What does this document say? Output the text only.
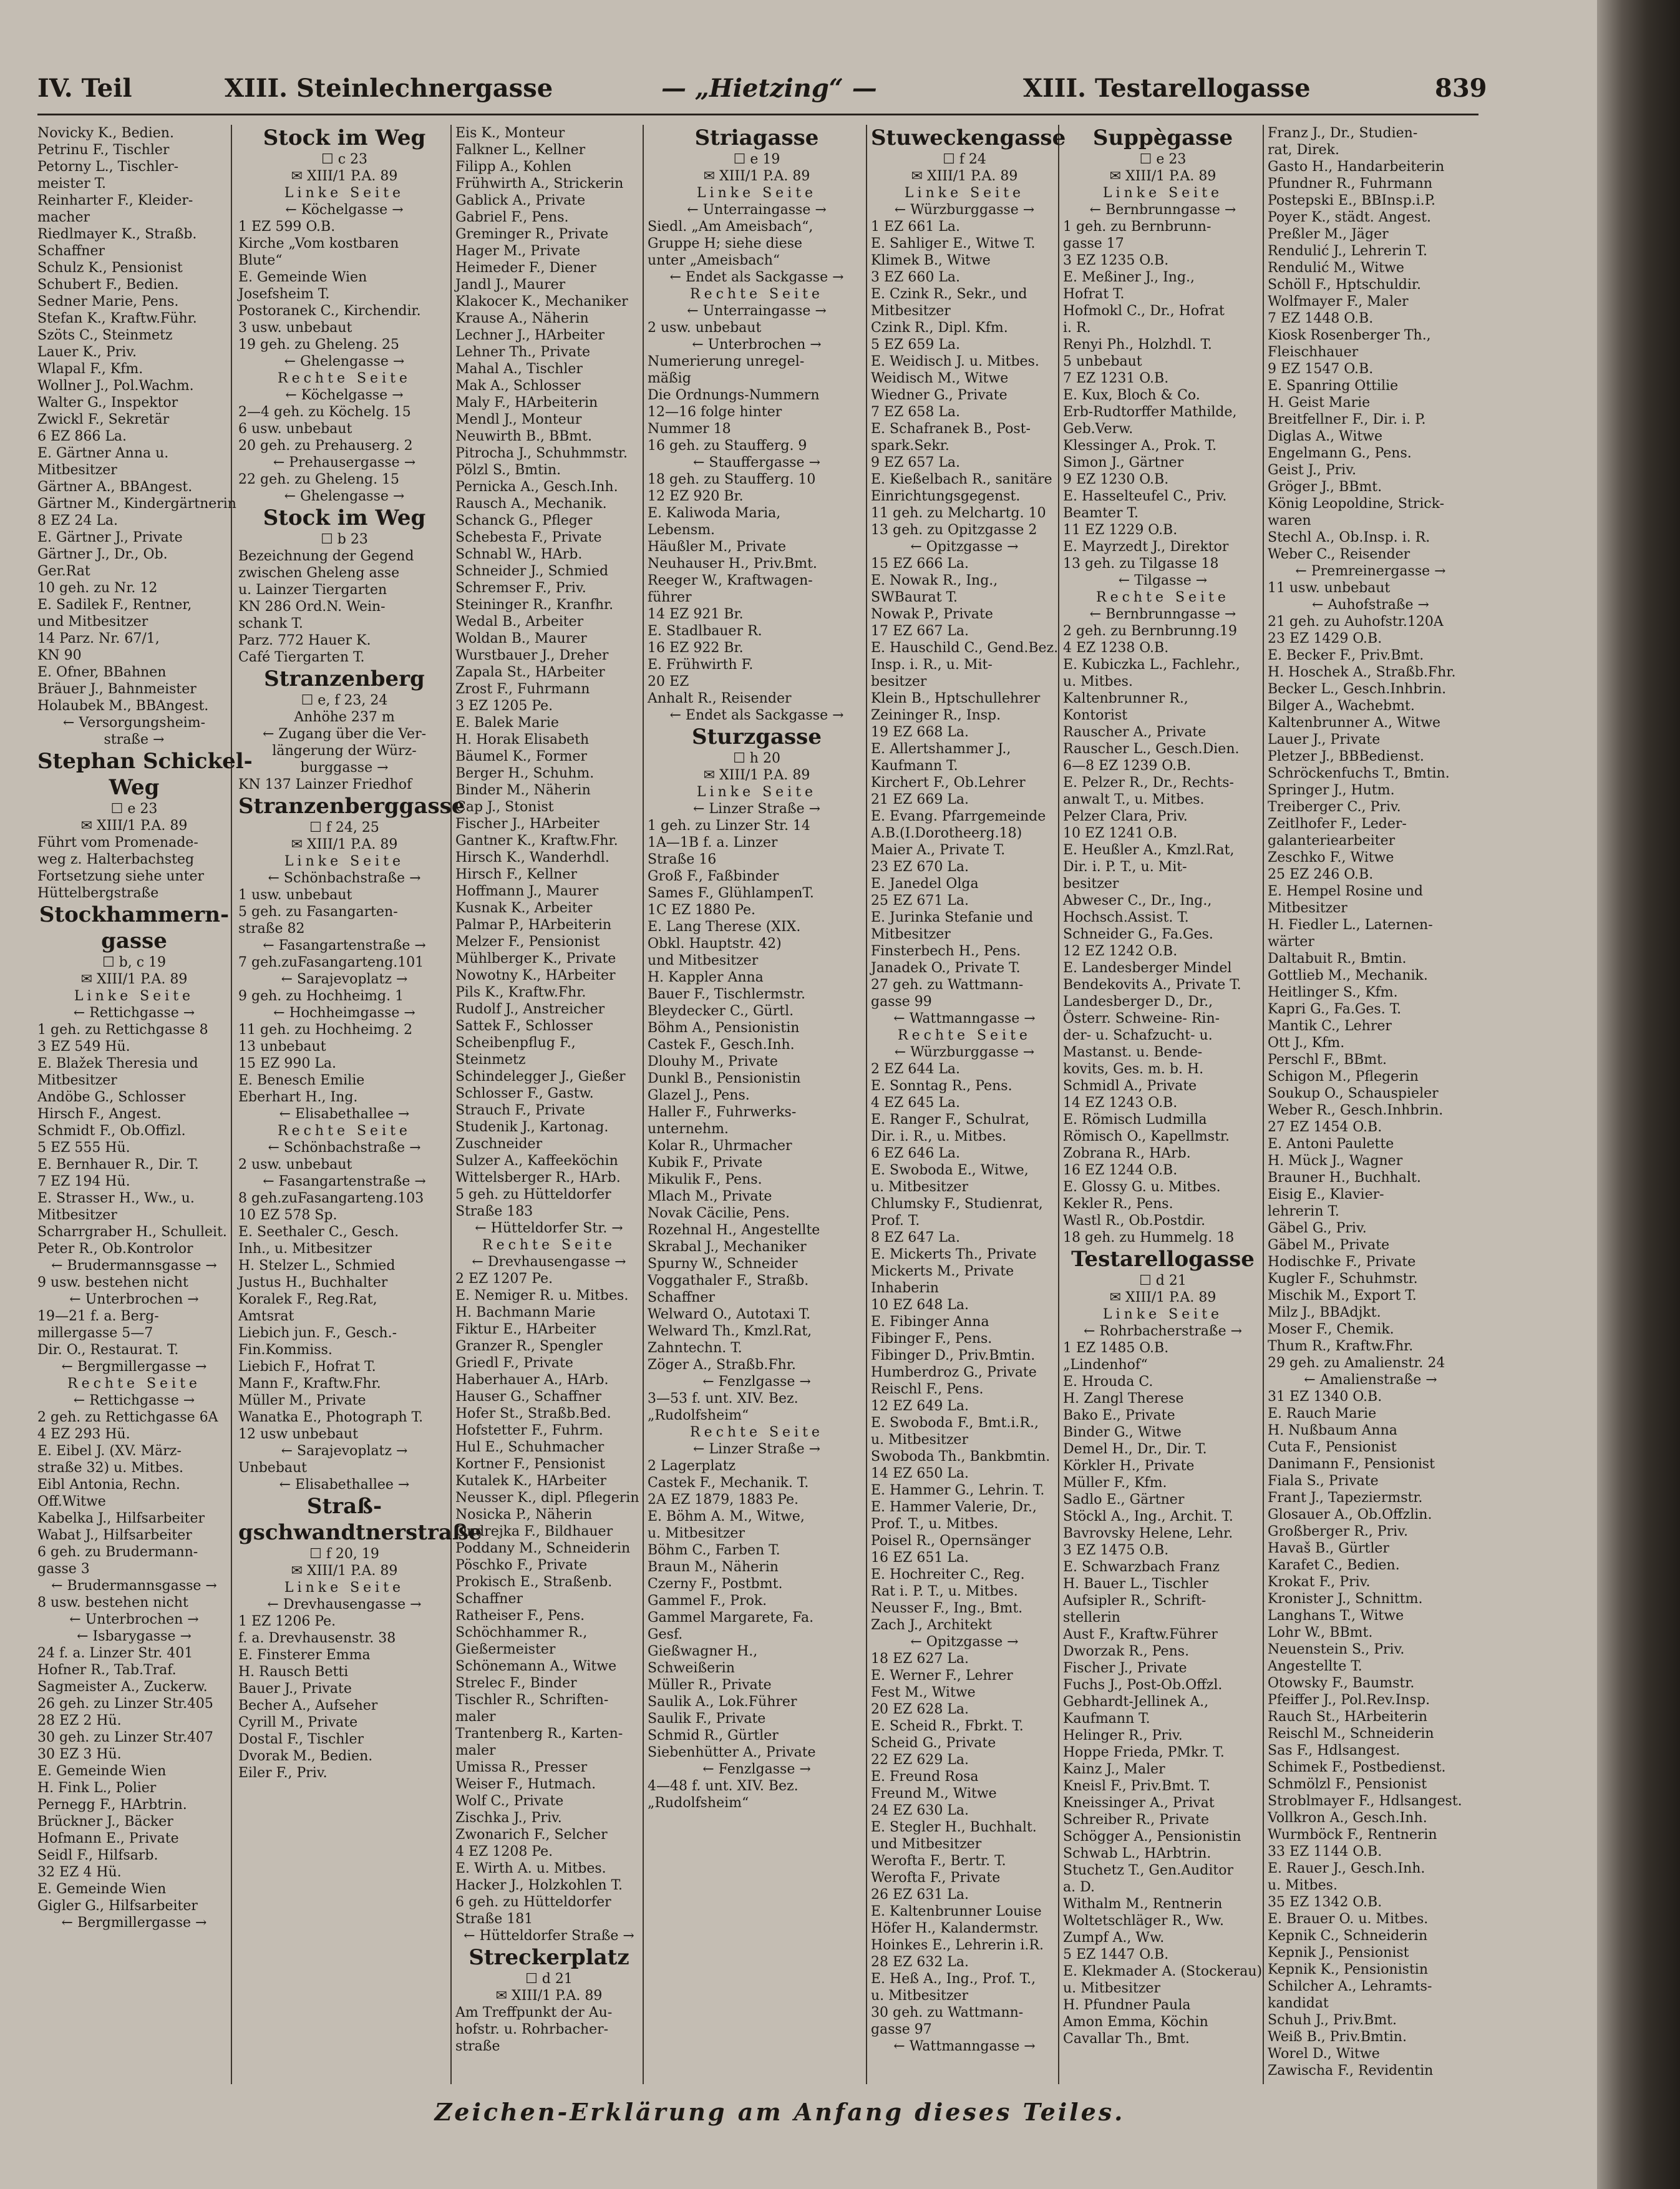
IV. Teil	XIII. Steinlechnergasse	— „Hietzing“ —	XIII. Testarellogasse	839
Novicky K., Bedien.
Petrinu F., Tischler
Petorny L., Tischler-
meister T.
Reinharter F., Kleider-
macher
Riedlmayer K., Straßb.
Schaffner
Schulz K., Pensionist
Schubert F., Bedien.
Sedner Marie, Pens.
Stefan K., Kraftw.Führ.
Szöts C., Steinmetz
Lauer K., Priv.
Wlapal F., Kfm.
Wollner J., Pol.Wachm.
Walter G., Inspektor
Zwickl F., Sekretär
6 EZ 866 La.
E. Gärtner Anna u.
Mitbesitzer
Gärtner A., BBAngest.
Gärtner M., Kindergärtnerin
8 EZ 24 La.
E. Gärtner J., Private
Gärtner J., Dr., Ob.
Ger.Rat
10 geh. zu Nr. 12
E. Sadilek F., Rentner,
und Mitbesitzer
14 Parz. Nr. 67/1,
KN 90
E. Ofner, BBahnen
Bräuer J., Bahnmeister
Holaubek M., BBAngest.
← Versorgungsheim-
straße →
Stephan Schickel-
Weg
☐ e 23
✉ XIII/1 P.A. 89
Führt vom Promenade-
weg z. Halterbachsteg
Fortsetzung siehe unter
Hüttelbergstraße
Stockhammern-
gasse
☐ b, c 19
✉ XIII/1 P.A. 89
Linke Seite
← Rettichgasse →
1 geh. zu Rettichgasse 8
3 EZ 549 Hü.
E. Blažek Theresia und
Mitbesitzer
Andöbe G., Schlosser
Hirsch F., Angest.
Schmidt F., Ob.Offizl.
5 EZ 555 Hü.
E. Bernhauer R., Dir. T.
7 EZ 194 Hü.
E. Strasser H., Ww., u.
Mitbesitzer
Scharrgraber H., Schulleit.
Peter R., Ob.Kontrolor
← Brudermannsgasse →
9 usw. bestehen nicht
← Unterbrochen →
19—21 f. a. Berg-
millergasse 5—7
Dir. O., Restaurat. T.
← Bergmillergasse →
Rechte Seite
← Rettichgasse →
2 geh. zu Rettichgasse 6A
4 EZ 293 Hü.
E. Eibel J. (XV. März-
straße 32) u. Mitbes.
Eibl Antonia, Rechn.
Off.Witwe
Kabelka J., Hilfsarbeiter
Wabat J., Hilfsarbeiter
6 geh. zu Brudermann-
gasse 3
← Brudermannsgasse →
8 usw. bestehen nicht
← Unterbrochen →
← Isbarygasse →
24 f. a. Linzer Str. 401
Hofner R., Tab.Traf.
Sagmeister A., Zuckerw.
26 geh. zu Linzer Str.405
28 EZ 2 Hü.
30 geh. zu Linzer Str.407
30 EZ 3 Hü.
E. Gemeinde Wien
H. Fink L., Polier
Pernegg F., HArbtrin.
Brückner J., Bäcker
Hofmann E., Private
Seidl F., Hilfsarb.
32 EZ 4 Hü.
E. Gemeinde Wien
Gigler G., Hilfsarbeiter
← Bergmillergasse →
Stock im Weg
☐ c 23
✉ XIII/1 P.A. 89
Linke Seite
← Köchelgasse →
1 EZ 599 O.B.
Kirche „Vom kostbaren
Blute“
E. Gemeinde Wien
Josefsheim T.
Postoranek C., Kirchendir.
3 usw. unbebaut
19 geh. zu Gheleng. 25
← Ghelengasse →
Rechte Seite
← Köchelgasse →
2—4 geh. zu Köchelg. 15
6 usw. unbebaut
20 geh. zu Prehauserg. 2
← Prehausergasse →
22 geh. zu Gheleng. 15
← Ghelengasse →
Stock im Weg
☐ b 23
Bezeichnung der Gegend
zwischen Gheleng asse
u. Lainzer Tiergarten
KN 286 Ord.N. Wein-
schank T.
Parz. 772 Hauer K.
Café Tiergarten T.
Stranzenberg
☐ e, f 23, 24
Anhöhe 237 m
← Zugang über die Ver-
längerung der Würz-
burggasse →
KN 137 Lainzer Friedhof
Stranzenberggasse
☐ f 24, 25
✉ XIII/1 P.A. 89
Linke Seite
← Schönbachstraße →
1 usw. unbebaut
5 geh. zu Fasangarten-
straße 82
← Fasangartenstraße →
7 geh.zuFasangarteng.101
← Sarajevoplatz →
9 geh. zu Hochheimg. 1
← Hochheimgasse →
11 geh. zu Hochheimg. 2
13 unbebaut
15 EZ 990 La.
E. Benesch Emilie
Eberhart H., Ing.
← Elisabethallee →
Rechte Seite
← Schönbachstraße →
2 usw. unbebaut
← Fasangartenstraße →
8 geh.zuFasangarteng.103
10 EZ 578 Sp.
E. Seethaler C., Gesch.
Inh., u. Mitbesitzer
H. Stelzer L., Schmied
Justus H., Buchhalter
Koralek F., Reg.Rat,
Amtsrat
Liebich jun. F., Gesch.-
Fin.Kommiss.
Liebich F., Hofrat T.
Mann F., Kraftw.Fhr.
Müller M., Private
Wanatka E., Photograph T.
12 usw unbebaut
← Sarajevoplatz →
Unbebaut
← Elisabethallee →
Straß-
gschwandtnerstraße
☐ f 20, 19
✉ XIII/1 P.A. 89
Linke Seite
← Drevhausengasse →
1 EZ 1206 Pe.
f. a. Drevhausenstr. 38
E. Finsterer Emma
H. Rausch Betti
Bauer J., Private
Becher A., Aufseher
Cyrill M., Private
Dostal F., Tischler
Dvorak M., Bedien.
Eiler F., Priv.
Eis K., Monteur
Falkner L., Kellner
Filipp A., Kohlen
Frühwirth A., Strickerin
Gablick A., Private
Gabriel F., Pens.
Greminger R., Private
Hager M., Private
Heimeder F., Diener
Jandl J., Maurer
Klakocer K., Mechaniker
Krause A., Näherin
Lechner J., HArbeiter
Lehner Th., Private
Mahal A., Tischler
Mak A., Schlosser
Maly F., HArbeiterin
Mendl J., Monteur
Neuwirth B., BBmt.
Pitrocha J., Schuhmmstr.
Pölzl S., Bmtin.
Pernicka A., Gesch.Inh.
Rausch A., Mechanik.
Schanck G., Pfleger
Schebesta F., Private
Schnabl W., HArb.
Schneider J., Schmied
Schremser F., Priv.
Steininger R., Kranfhr.
Wedal B., Arbeiter
Woldan B., Maurer
Wurstbauer J., Dreher
Zapala St., HArbeiter
Zrost F., Fuhrmann
3 EZ 1205 Pe.
E. Balek Marie
H. Horak Elisabeth
Bäumel K., Former
Berger H., Schuhm.
Binder M., Näherin
Cap J., Stonist
Fischer J., HArbeiter
Gantner K., Kraftw.Fhr.
Hirsch K., Wanderhdl.
Hirsch F., Kellner
Hoffmann J., Maurer
Kusnak K., Arbeiter
Palmar P., HArbeiterin
Melzer F., Pensionist
Mühlberger K., Private
Nowotny K., HArbeiter
Pils K., Kraftw.Fhr.
Rudolf J., Anstreicher
Sattek F., Schlosser
Scheibenpflug F.,
Steinmetz
Schindelegger J., Gießer
Schlosser F., Gastw.
Strauch F., Private
Studenik J., Kartonag.
Zuschneider
Sulzer A., Kaffeeköchin
Wittelsberger R., HArb.
5 geh. zu Hütteldorfer
Straße 183
← Hütteldorfer Str. →
Rechte Seite
← Drevhausengasse →
2 EZ 1207 Pe.
E. Nemiger R. u. Mitbes.
H. Bachmann Marie
Fiktur E., HArbeiter
Granzer R., Spengler
Griedl F., Private
Haberhauer A., HArb.
Hauser G., Schaffner
Hofer St., Straßb.Bed.
Hofstetter F., Fuhrm.
Hul E., Schuhmacher
Kortner F., Pensionist
Kutalek K., HArbeiter
Neusser K., dipl. Pflegerin
Nosicka P., Näherin
Ondrejka F., Bildhauer
Poddany M., Schneiderin
Pöschko F., Private
Prokisch E., Straßenb.
Schaffner
Ratheiser F., Pens.
Schöchhammer R.,
Gießermeister
Schönemann A., Witwe
Strelec F., Binder
Tischler R., Schriften-
maler
Trantenberg R., Karten-
maler
Umissa R., Presser
Weiser F., Hutmach.
Wolf C., Private
Zischka J., Priv.
Zwonarich F., Selcher
4 EZ 1208 Pe.
E. Wirth A. u. Mitbes.
Hacker J., Holzkohlen T.
6 geh. zu Hütteldorfer
Straße 181
← Hütteldorfer Straße →
Streckerplatz
☐ d 21
✉ XIII/1 P.A. 89
Am Treffpunkt der Au-
hofstr. u. Rohrbacher-
straße
Striagasse
☐ e 19
✉ XIII/1 P.A. 89
Linke Seite
← Unterraingasse →
Siedl. „Am Ameisbach“,
Gruppe H; siehe diese
unter „Ameisbach“
← Endet als Sackgasse →
Rechte Seite
← Unterraingasse →
2 usw. unbebaut
← Unterbrochen →
Numerierung unregel-
mäßig
Die Ordnungs-Nummern
12—16 folge hinter
Nummer 18
16 geh. zu Staufferg. 9
← Stauffergasse →
18 geh. zu Staufferg. 10
12 EZ 920 Br.
E. Kaliwoda Maria,
Lebensm.
Häußler M., Private
Neuhauser H., Priv.Bmt.
Reeger W., Kraftwagen-
führer
14 EZ 921 Br.
E. Stadlbauer R.
16 EZ 922 Br.
E. Frühwirth F.
20 EZ
Anhalt R., Reisender
← Endet als Sackgasse →
Sturzgasse
☐ h 20
✉ XIII/1 P.A. 89
Linke Seite
← Linzer Straße →
1 geh. zu Linzer Str. 14
1A—1B f. a. Linzer
Straße 16
Groß F., Faßbinder
Sames F., GlühlampenT.
1C EZ 1880 Pe.
E. Lang Therese (XIX.
Obkl. Hauptstr. 42)
und Mitbesitzer
H. Kappler Anna
Bauer F., Tischlermstr.
Bleydecker C., Gürtl.
Böhm A., Pensionistin
Castek F., Gesch.Inh.
Dlouhy M., Private
Dunkl B., Pensionistin
Glazel J., Pens.
Haller F., Fuhrwerks-
unternehm.
Kolar R., Uhrmacher
Kubik F., Private
Mikulik F., Pens.
Mlach M., Private
Novak Cäcilie, Pens.
Rozehnal H., Angestellte
Skrabal J., Mechaniker
Spurny W., Schneider
Voggathaler F., Straßb.
Schaffner
Welward O., Autotaxi T.
Welward Th., Kmzl.Rat,
Zahntechn. T.
Zöger A., Straßb.Fhr.
← Fenzlgasse →
3—53 f. unt. XIV. Bez.
„Rudolfsheim“
Rechte Seite
← Linzer Straße →
2 Lagerplatz
Castek F., Mechanik. T.
2A EZ 1879, 1883 Pe.
E. Böhm A. M., Witwe,
u. Mitbesitzer
Böhm C., Farben T.
Braun M., Näherin
Czerny F., Postbmt.
Gammel F., Prok.
Gammel Margarete, Fa.
Gesf.
Gießwagner H.,
Schweißerin
Müller R., Private
Saulik A., Lok.Führer
Saulik F., Private
Schmid R., Gürtler
Siebenhütter A., Private
← Fenzlgasse →
4—48 f. unt. XIV. Bez.
„Rudolfsheim“
Stuweckengasse
☐ f 24
✉ XIII/1 P.A. 89
Linke Seite
← Würzburggasse →
1 EZ 661 La.
E. Sahliger E., Witwe T.
Klimek B., Witwe
3 EZ 660 La.
E. Czink R., Sekr., und
Mitbesitzer
Czink R., Dipl. Kfm.
5 EZ 659 La.
E. Weidisch J. u. Mitbes.
Weidisch M., Witwe
Wiedner G., Private
7 EZ 658 La.
E. Schafranek B., Post-
spark.Sekr.
9 EZ 657 La.
E. Kießelbach R., sanitäre
Einrichtungsgegenst.
11 geh. zu Melchartg. 10
13 geh. zu Opitzgasse 2
← Opitzgasse →
15 EZ 666 La.
E. Nowak R., Ing.,
SWBaurat T.
Nowak P., Private
17 EZ 667 La.
E. Hauschild C., Gend.Bez.
Insp. i. R., u. Mit-
besitzer
Klein B., Hptschullehrer
Zeininger R., Insp.
19 EZ 668 La.
E. Allertshammer J.,
Kaufmann T.
Kirchert F., Ob.Lehrer
21 EZ 669 La.
E. Evang. Pfarrgemeinde
A.B.(I.Dorotheerg.18)
Maier A., Private T.
23 EZ 670 La.
E. Janedel Olga
25 EZ 671 La.
E. Jurinka Stefanie und
Mitbesitzer
Finsterbech H., Pens.
Janadek O., Private T.
27 geh. zu Wattmann-
gasse 99
← Wattmanngasse →
Rechte Seite
← Würzburggasse →
2 EZ 644 La.
E. Sonntag R., Pens.
4 EZ 645 La.
E. Ranger F., Schulrat,
Dir. i. R., u. Mitbes.
6 EZ 646 La.
E. Swoboda E., Witwe,
u. Mitbesitzer
Chlumsky F., Studienrat,
Prof. T.
8 EZ 647 La.
E. Mickerts Th., Private
Mickerts M., Private
Inhaberin
10 EZ 648 La.
E. Fibinger Anna
Fibinger F., Pens.
Fibinger D., Priv.Bmtin.
Humberdroz G., Private
Reischl F., Pens.
12 EZ 649 La.
E. Swoboda F., Bmt.i.R.,
u. Mitbesitzer
Swoboda Th., Bankbmtin.
14 EZ 650 La.
E. Hammer G., Lehrin. T.
E. Hammer Valerie, Dr.,
Prof. T., u. Mitbes.
Poisel R., Opernsänger
16 EZ 651 La.
E. Hochreiter C., Reg.
Rat i. P. T., u. Mitbes.
Neusser F., Ing., Bmt.
Zach J., Architekt
← Opitzgasse →
18 EZ 627 La.
E. Werner F., Lehrer
Fest M., Witwe
20 EZ 628 La.
E. Scheid R., Fbrkt. T.
Scheid G., Private
22 EZ 629 La.
E. Freund Rosa
Freund M., Witwe
24 EZ 630 La.
E. Stegler H., Buchhalt.
und Mitbesitzer
Werofta F., Bertr. T.
Werofta F., Private
26 EZ 631 La.
E. Kaltenbrunner Louise
Höfer H., Kalandermstr.
Hoinkes E., Lehrerin i.R.
28 EZ 632 La.
E. Heß A., Ing., Prof. T.,
u. Mitbesitzer
30 geh. zu Wattmann-
gasse 97
← Wattmanngasse →
Suppègasse
☐ e 23
✉ XIII/1 P.A. 89
Linke Seite
← Bernbrunngasse →
1 geh. zu Bernbrunn-
gasse 17
3 EZ 1235 O.B.
E. Meßiner J., Ing.,
Hofrat T.
Hofmokl C., Dr., Hofrat
i. R.
Renyi Ph., Holzhdl. T.
5 unbebaut
7 EZ 1231 O.B.
E. Kux, Bloch & Co.
Erb-Rudtorffer Mathilde,
Geb.Verw.
Klessinger A., Prok. T.
Simon J., Gärtner
9 EZ 1230 O.B.
E. Hasselteufel C., Priv.
Beamter T.
11 EZ 1229 O.B.
E. Mayrzedt J., Direktor
13 geh. zu Tilgasse 18
← Tilgasse →
Rechte Seite
← Bernbrunngasse →
2 geh. zu Bernbrunng.19
4 EZ 1238 O.B.
E. Kubiczka L., Fachlehr.,
u. Mitbes.
Kaltenbrunner R.,
Kontorist
Rauscher A., Private
Rauscher L., Gesch.Dien.
6—8 EZ 1239 O.B.
E. Pelzer R., Dr., Rechts-
anwalt T., u. Mitbes.
Pelzer Clara, Priv.
10 EZ 1241 O.B.
E. Heußler A., Kmzl.Rat,
Dir. i. P. T., u. Mit-
besitzer
Abweser C., Dr., Ing.,
Hochsch.Assist. T.
Schneider G., Fa.Ges.
12 EZ 1242 O.B.
E. Landesberger Mindel
Bendekovits A., Private T.
Landesberger D., Dr.,
Österr. Schweine- Rin-
der- u. Schafzucht- u.
Mastanst. u. Bende-
kovits, Ges. m. b. H.
Schmidl A., Private
14 EZ 1243 O.B.
E. Römisch Ludmilla
Römisch O., Kapellmstr.
Zobrana R., HArb.
16 EZ 1244 O.B.
E. Glossy G. u. Mitbes.
Kekler R., Pens.
Wastl R., Ob.Postdir.
18 geh. zu Hummelg. 18
Testarellogasse
☐ d 21
✉ XIII/1 P.A. 89
Linke Seite
← Rohrbacherstraße →
1 EZ 1485 O.B.
„Lindenhof“
E. Hrouda C.
H. Zangl Therese
Bako E., Private
Binder G., Witwe
Demel H., Dr., Dir. T.
Körkler H., Private
Müller F., Kfm.
Sadlo E., Gärtner
Stöckl A., Ing., Archit. T.
Bavrovsky Helene, Lehr.
3 EZ 1475 O.B.
E. Schwarzbach Franz
H. Bauer L., Tischler
Aufsipler R., Schrift-
stellerin
Aust F., Kraftw.Führer
Dworzak R., Pens.
Fischer J., Private
Fuchs J., Post-Ob.Offzl.
Gebhardt-Jellinek A.,
Kaufmann T.
Helinger R., Priv.
Hoppe Frieda, PMkr. T.
Kainz J., Maler
Kneisl F., Priv.Bmt. T.
Kneissinger A., Privat
Schreiber R., Private
Schögger A., Pensionistin
Schwab L., HArbtrin.
Stuchetz T., Gen.Auditor
a. D.
Withalm M., Rentnerin
Woltetschläger R., Ww.
Zumpf A., Ww.
5 EZ 1447 O.B.
E. Klekmader A. (Stockerau)
u. Mitbesitzer
H. Pfundner Paula
Amon Emma, Köchin
Cavallar Th., Bmt.
Franz J., Dr., Studien-
rat, Direk.
Gasto H., Handarbeiterin
Pfundner R., Fuhrmann
Postepski E., BBInsp.i.P.
Poyer K., städt. Angest.
Preßler M., Jäger
Rendulić J., Lehrerin T.
Rendulić M., Witwe
Schöll F., Hptschuldir.
Wolfmayer F., Maler
7 EZ 1448 O.B.
Kiosk Rosenberger Th.,
Fleischhauer
9 EZ 1547 O.B.
E. Spanring Ottilie
H. Geist Marie
Breitfellner F., Dir. i. P.
Diglas A., Witwe
Engelmann G., Pens.
Geist J., Priv.
Gröger J., BBmt.
König Leopoldine, Strick-
waren
Stechl A., Ob.Insp. i. R.
Weber C., Reisender
← Premreinergasse →
11 usw. unbebaut
← Auhofstraße →
21 geh. zu Auhofstr.120A
23 EZ 1429 O.B.
E. Becker F., Priv.Bmt.
H. Hoschek A., Straßb.Fhr.
Becker L., Gesch.Inhbrin.
Bilger A., Wachebmt.
Kaltenbrunner A., Witwe
Lauer J., Private
Pletzer J., BBBedienst.
Schröckenfuchs T., Bmtin.
Springer J., Hutm.
Treiberger C., Priv.
Zeitlhofer F., Leder-
galanteriearbeiter
Zeschko F., Witwe
25 EZ 246 O.B.
E. Hempel Rosine und
Mitbesitzer
H. Fiedler L., Laternen-
wärter
Daltabuit R., Bmtin.
Gottlieb M., Mechanik.
Heitlinger S., Kfm.
Kapri G., Fa.Ges. T.
Mantik C., Lehrer
Ott J., Kfm.
Perschl F., BBmt.
Schigon M., Pflegerin
Soukup O., Schauspieler
Weber R., Gesch.Inhbrin.
27 EZ 1454 O.B.
E. Antoni Paulette
H. Mück J., Wagner
Brauner H., Buchhalt.
Eisig E., Klavier-
lehrerin T.
Gäbel G., Priv.
Gäbel M., Private
Hodischke F., Private
Kugler F., Schuhmstr.
Mischik M., Export T.
Milz J., BBAdjkt.
Moser F., Chemik.
Thum R., Kraftw.Fhr.
29 geh. zu Amalienstr. 24
← Amalienstraße →
31 EZ 1340 O.B.
E. Rauch Marie
H. Nußbaum Anna
Cuta F., Pensionist
Danimann F., Pensionist
Fiala S., Private
Frant J., Tapeziermstr.
Glosauer A., Ob.Offzlin.
Großberger R., Priv.
Havaš B., Gürtler
Karafet C., Bedien.
Krokat F., Priv.
Kronister J., Schnittm.
Langhans T., Witwe
Lohr W., BBmt.
Neuenstein S., Priv.
Angestellte T.
Otowsky F., Baumstr.
Pfeiffer J., Pol.Rev.Insp.
Rauch St., HArbeiterin
Reischl M., Schneiderin
Sas F., Hdlsangest.
Schimek F., Postbedienst.
Schmölzl F., Pensionist
Stroblmayer F., Hdlsangest.
Vollkron A., Gesch.Inh.
Wurmböck F., Rentnerin
33 EZ 1144 O.B.
E. Rauer J., Gesch.Inh.
u. Mitbes.
35 EZ 1342 O.B.
E. Brauer O. u. Mitbes.
Kepnik C., Schneiderin
Kepnik J., Pensionist
Kepnik K., Pensionistin
Schilcher A., Lehramts-
kandidat
Schuh J., Priv.Bmt.
Weiß B., Priv.Bmtin.
Worel D., Witwe
Zawischa F., Revidentin
Zeichen-Erklärung am Anfang dieses Teiles.
